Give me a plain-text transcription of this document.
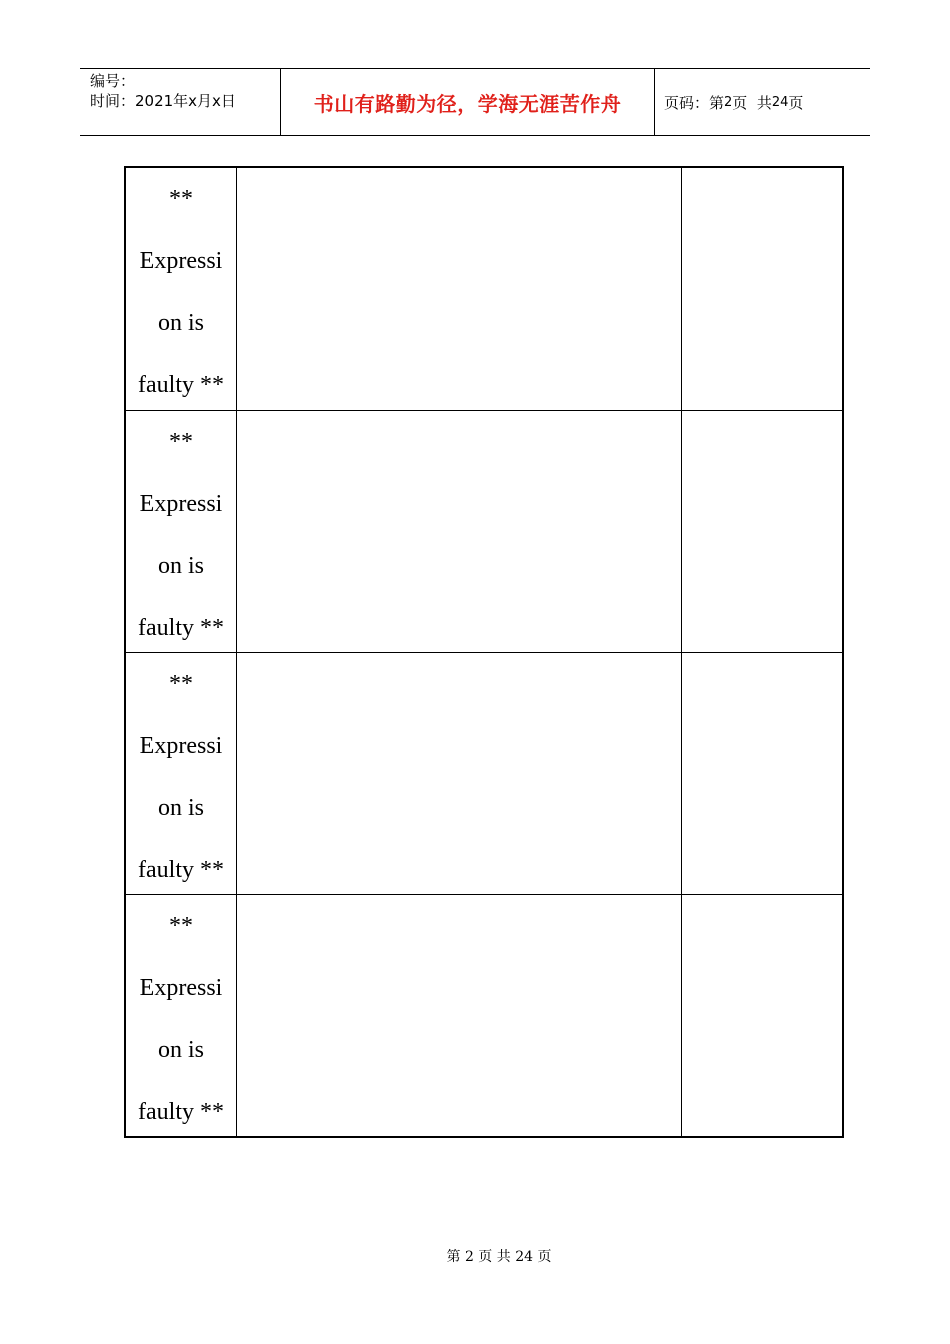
编号：
时间：2021年x月x日	书山有路勤为径，学海无涯苦作舟	页码：第 2 页  共 24 页
**
Expressi
on is
faulty **
**
Expressi
on is
faulty **
**
Expressi
on is
faulty **
**
Expressi
on is
faulty **
第 2 页 共 24 页
